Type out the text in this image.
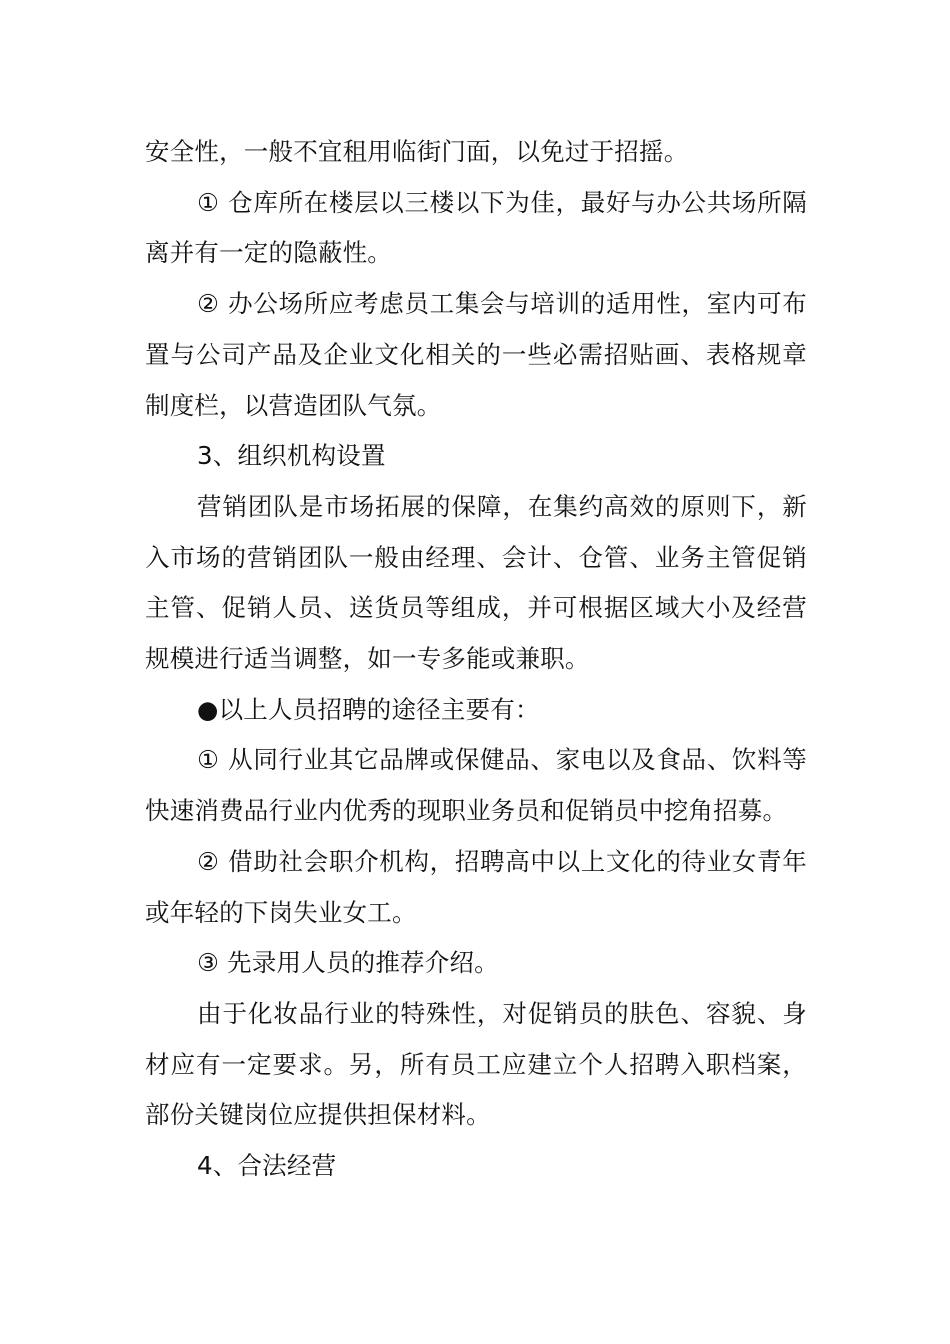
安全性，一般不宜租用临街门面，以免过于招摇。

① 仓库所在楼层以三楼以下为佳，最好与办公共场所隔离并有一定的隐蔽性。

② 办公场所应考虑员工集会与培训的适用性，室内可布置与公司产品及企业文化相关的一些必需招贴画、表格规章制度栏，以营造团队气氛。

3、组织机构设置

营销团队是市场拓展的保障，在集约高效的原则下，新入市场的营销团队一般由经理、会计、仓管、业务主管促销主管、促销人员、送货员等组成，并可根据区域大小及经营规模进行适当调整，如一专多能或兼职。

●以上人员招聘的途径主要有：

① 从同行业其它品牌或保健品、家电以及食品、饮料等快速消费品行业内优秀的现职业务员和促销员中挖角招募。

② 借助社会职介机构，招聘高中以上文化的待业女青年或年轻的下岗失业女工。

③ 先录用人员的推荐介绍。

由于化妆品行业的特殊性，对促销员的肤色、容貌、身材应有一定要求。另，所有员工应建立个人招聘入职档案，部份关键岗位应提供担保材料。

4、合法经营
